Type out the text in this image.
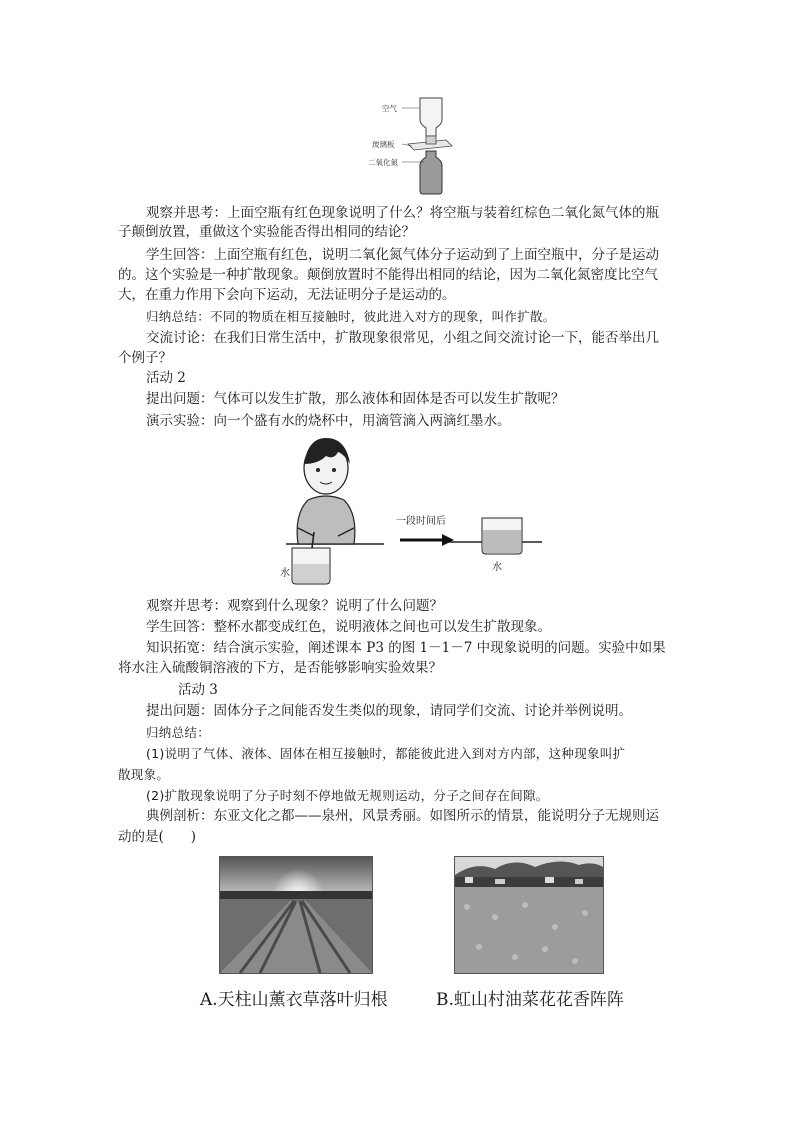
空气
玻璃板
二氧化氮
观察并思考：上面空瓶有红色现象说明了什么？将空瓶与装着红棕色二氧化氮气体的瓶
子颠倒放置，重做这个实验能否得出相同的结论？
学生回答：上面空瓶有红色，说明二氧化氮气体分子运动到了上面空瓶中，分子是运动
的。这个实验是一种扩散现象。颠倒放置时不能得出相同的结论，因为二氧化氮密度比空气
大，在重力作用下会向下运动，无法证明分子是运动的。
归纳总结：不同的物质在相互接触时，彼此进入对方的现象，叫作扩散。
交流讨论：在我们日常生活中，扩散现象很常见，小组之间交流讨论一下，能否举出几
个例子？
活动 2
提出问题：气体可以发生扩散，那么液体和固体是否可以发生扩散呢？
演示实验：向一个盛有水的烧杯中，用滴管滴入两滴红墨水。
一段时间后
水
水
观察并思考：观察到什么现象？说明了什么问题？
学生回答：整杯水都变成红色，说明液体之间也可以发生扩散现象。
知识拓宽：结合演示实验，阐述课本 P3 的图 1－1－7 中现象说明的问题。实验中如果
将水注入硫酸铜溶液的下方，是否能够影响实验效果？
活动 3
提出问题：固体分子之间能否发生类似的现象，请同学们交流、讨论并举例说明。
归纳总结：
(1)说明了气体、液体、固体在相互接触时，都能彼此进入到对方内部，这种现象叫扩
散现象。
(2)扩散现象说明了分子时刻不停地做无规则运动，分子之间存在间隙。
典例剖析：东亚文化之都——泉州，风景秀丽。如图所示的情景，能说明分子无规则运
动的是(　　)
A.天柱山薰衣草落叶归根	B.虹山村油菜花花香阵阵
